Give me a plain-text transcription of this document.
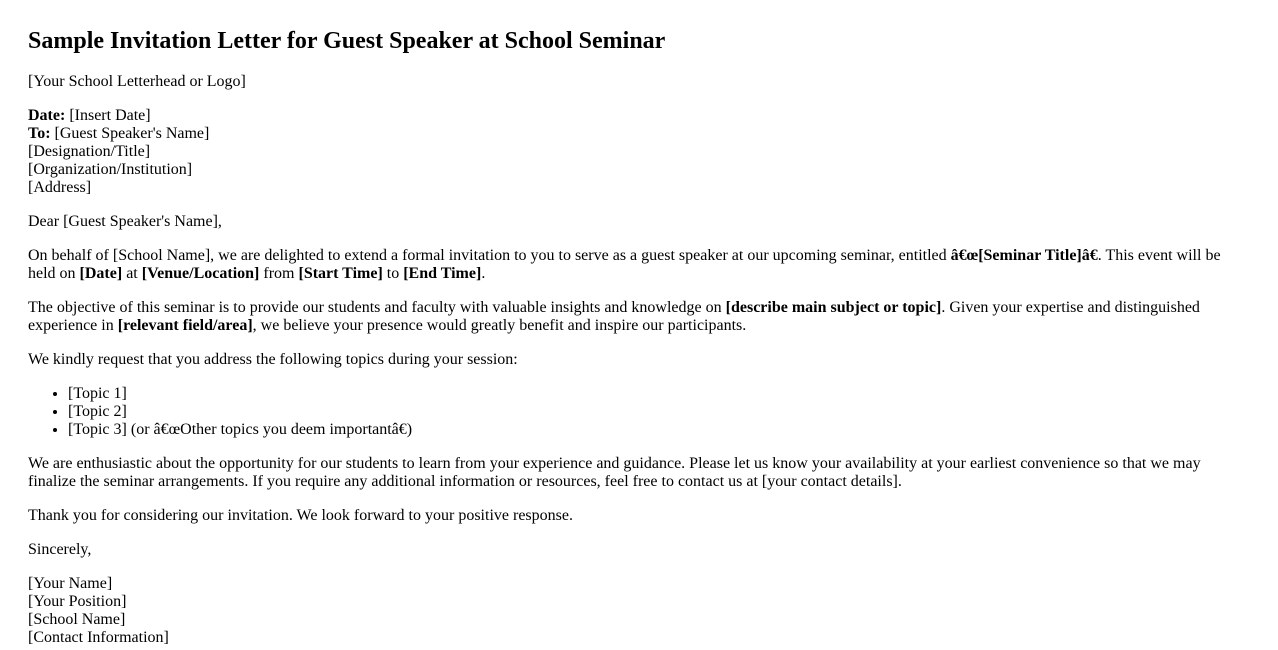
Sample Invitation Letter for Guest Speaker at School Seminar

[Your School Letterhead or Logo]

Date: [Insert Date]
To: [Guest Speaker's Name]
[Designation/Title]
[Organization/Institution]
[Address]

Dear [Guest Speaker's Name],

On behalf of [School Name], we are delighted to extend a formal invitation to you to serve as a guest speaker at our upcoming seminar, entitled â€œ[Seminar Title]â€. This event will be held on [Date] at [Venue/Location] from [Start Time] to [End Time].

The objective of this seminar is to provide our students and faculty with valuable insights and knowledge on [describe main subject or topic]. Given your expertise and distinguished experience in [relevant field/area], we believe your presence would greatly benefit and inspire our participants.

We kindly request that you address the following topics during your session:

• [Topic 1]
• [Topic 2]
• [Topic 3] (or â€œOther topics you deem importantâ€)

We are enthusiastic about the opportunity for our students to learn from your experience and guidance. Please let us know your availability at your earliest convenience so that we may finalize the seminar arrangements. If you require any additional information or resources, feel free to contact us at [your contact details].

Thank you for considering our invitation. We look forward to your positive response.

Sincerely,

[Your Name]
[Your Position]
[School Name]
[Contact Information]
